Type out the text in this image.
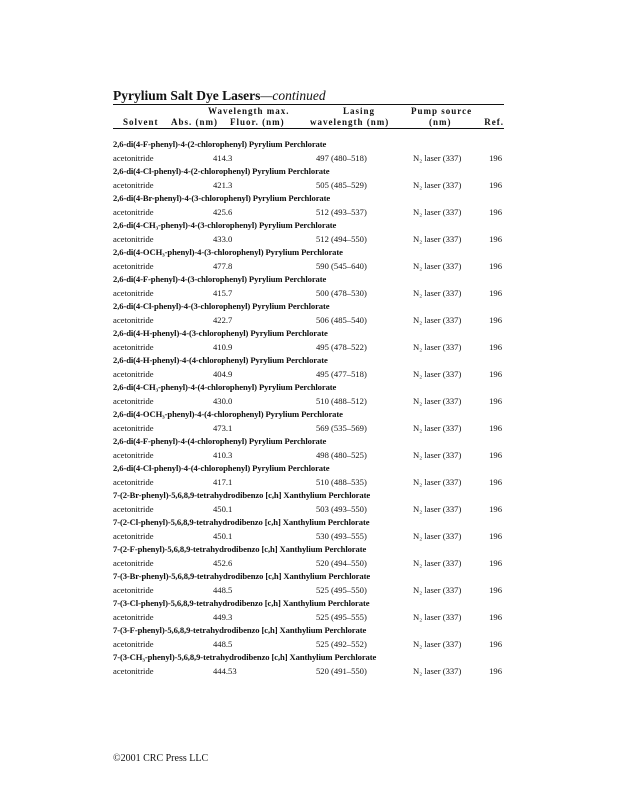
Pyrylium Salt Dye Lasers—continued
Wavelength max.
Solvent Abs. (nm) Fluor. (nm)
Lasing
wavelength (nm)
Pump source
(nm)	Ref.
2,6-di(4-F-phenyl)-4-(2-chlorophenyl) Pyrylium Perchlorate
acetonitride	414.3	497 (480–518)	N₂ laser (337)	196
2,6-di(4-Cl-phenyl)-4-(2-chlorophenyl) Pyrylium Perchlorate
acetonitride	421.3	505 (485–529)	N₂ laser (337)	196
2,6-di(4-Br-phenyl)-4-(3-chlorophenyl) Pyrylium Perchlorate
acetonitride	425.6	512 (493–537)	N₂ laser (337)	196
2,6-di(4-CH₃-phenyl)-4-(3-chlorophenyl) Pyrylium Perchlorate
acetonitride	433.0	512 (494–550)	N₂ laser (337)	196
2,6-di(4-OCH₃-phenyl)-4-(3-chlorophenyl) Pyrylium Perchlorate
acetonitride	477.8	590 (545–640)	N₂ laser (337)	196
2,6-di(4-F-phenyl)-4-(3-chlorophenyl) Pyrylium Perchlorate
acetonitride	415.7	500 (478–530)	N₂ laser (337)	196
2,6-di(4-Cl-phenyl)-4-(3-chlorophenyl) Pyrylium Perchlorate
acetonitride	422.7	506 (485–540)	N₂ laser (337)	196
2,6-di(4-H-phenyl)-4-(3-chlorophenyl) Pyrylium Perchlorate
acetonitride	410.9	495 (478–522)	N₂ laser (337)	196
2,6-di(4-H-phenyl)-4-(4-chlorophenyl) Pyrylium Perchlorate
acetonitride	404.9	495 (477–518)	N₂ laser (337)	196
2,6-di(4-CH₃-phenyl)-4-(4-chlorophenyl) Pyrylium Perchlorate
acetonitride	430.0	510 (488–512)	N₂ laser (337)	196
2,6-di(4-OCH₃-phenyl)-4-(4-chlorophenyl) Pyrylium Perchlorate
acetonitride	473.1	569 (535–569)	N₂ laser (337)	196
2,6-di(4-F-phenyl)-4-(4-chlorophenyl) Pyrylium Perchlorate
acetonitride	410.3	498 (480–525)	N₂ laser (337)	196
2,6-di(4-Cl-phenyl)-4-(4-chlorophenyl) Pyrylium Perchlorate
acetonitride	417.1	510 (488–535)	N₂ laser (337)	196
7-(2-Br-phenyl)-5,6,8,9-tetrahydrodibenzo [c,h] Xanthylium Perchlorate
acetonitride	450.1	503 (493–550)	N₂ laser (337)	196
7-(2-Cl-phenyl)-5,6,8,9-tetrahydrodibenzo [c,h] Xanthylium Perchlorate
acetonitride	450.1	530 (493–555)	N₂ laser (337)	196
7-(2-F-phenyl)-5,6,8,9-tetrahydrodibenzo [c,h] Xanthylium Perchlorate
acetonitride	452.6	520 (494–550)	N₂ laser (337)	196
7-(3-Br-phenyl)-5,6,8,9-tetrahydrodibenzo [c,h] Xanthylium Perchlorate
acetonitride	448.5	525 (495–550)	N₂ laser (337)	196
7-(3-Cl-phenyl)-5,6,8,9-tetrahydrodibenzo [c,h] Xanthylium Perchlorate
acetonitride	449.3	525 (495–555)	N₂ laser (337)	196
7-(3-F-phenyl)-5,6,8,9-tetrahydrodibenzo [c,h] Xanthylium Perchlorate
acetonitride	448.5	525 (492–552)	N₂ laser (337)	196
7-(3-CH₃-phenyl)-5,6,8,9-tetrahydrodibenzo [c,h] Xanthylium Perchlorate
acetonitride	444.53	520 (491–550)	N₂ laser (337)	196
©2001 CRC Press LLC
